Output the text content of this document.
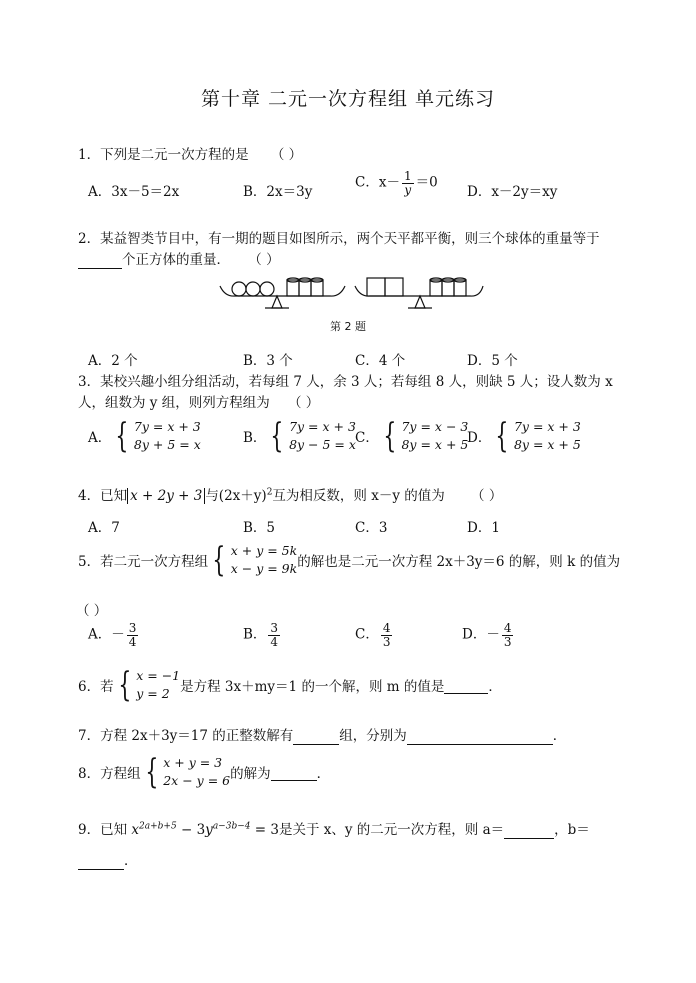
第十章 二元一次方程组 单元练习
1．下列是二元一次方程的是 （ ）
A．3x－5＝2x	B．2x＝3y
C．$x- \frac{1}{y} =0$
D．x－2y＝xy
2．某益智类节目中，有一期的题目如图所示，两个天平都平衡，则三个球体的重量等于
个正方体的重量． （ ）
第 2 题
A．2 个	B．3 个	C．4 个	D．5 个
3．某校兴趣小组分组活动，若每组 7 人，余 3 人；若每组 8 人，则缺 5 人；设人数为 x
人，组数为 y 组，则列方程组为 （ ）
A． { 7y = x + 3
8y + 5 = x	B． { 7y = x + 3
8y − 5 = x C． { 7y = x − 3
8y = x + 5
D． { 7y = x + 3
8y = x + 5
4．已知 x + 2y + 3 与$(2x+y)^2$互为相反数，则 x－y 的值为 （ ）
A．7	B．5	C．3	D．1
5．若二元一次方程组 { x + y = 5k
x − y = 9k 的解也是二元一次方程 2x＋3y＝6 的解，则 k 的值为
（ ）
A．－ $\frac{3}{4}$	B． $\frac{3}{4}$	C． $\frac{4}{3}$	D．－ $\frac{4}{3}$
6．若 { x = −1
y = 2 是方程 3x＋my＝1 的一个解，则 m 的值是
	．
7．方程 2x＋3y＝17 的正整数解有	组，分别为	．
8．方程组 { x + y = 3
2x − y = 6 的解为
	．
9．已知 $x^{2a+b+5} - 3y^{a-3b-4} = 3$是关于 x、y 的二元一次方程，则 a＝	，b＝
．
